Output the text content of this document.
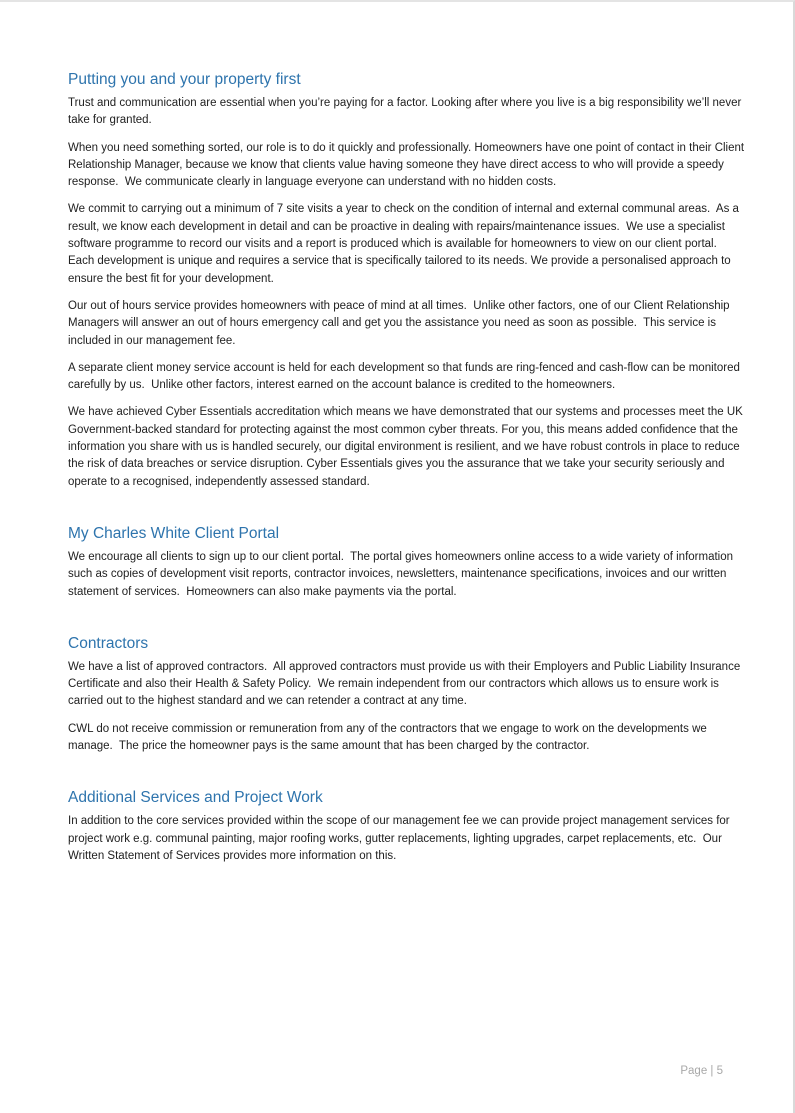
Putting you and your property first

Trust and communication are essential when you’re paying for a factor. Looking after where you live is a big responsibility we’ll never take for granted.

When you need something sorted, our role is to do it quickly and professionally. Homeowners have one point of contact in their Client Relationship Manager, because we know that clients value having someone they have direct access to who will provide a speedy response.  We communicate clearly in language everyone can understand with no hidden costs.

We commit to carrying out a minimum of 7 site visits a year to check on the condition of internal and external communal areas.  As a result, we know each development in detail and can be proactive in dealing with repairs/maintenance issues.  We use a specialist software programme to record our visits and a report is produced which is available for homeowners to view on our client portal.  Each development is unique and requires a service that is specifically tailored to its needs. We provide a personalised approach to ensure the best fit for your development.

Our out of hours service provides homeowners with peace of mind at all times.  Unlike other factors, one of our Client Relationship Managers will answer an out of hours emergency call and get you the assistance you need as soon as possible.  This service is included in our management fee.

A separate client money service account is held for each development so that funds are ring-fenced and cash-flow can be monitored carefully by us.  Unlike other factors, interest earned on the account balance is credited to the homeowners.

We have achieved Cyber Essentials accreditation which means we have demonstrated that our systems and processes meet the UK Government-backed standard for protecting against the most common cyber threats. For you, this means added confidence that the information you share with us is handled securely, our digital environment is resilient, and we have robust controls in place to reduce the risk of data breaches or service disruption. Cyber Essentials gives you the assurance that we take your security seriously and operate to a recognised, independently assessed standard.

My Charles White Client Portal

We encourage all clients to sign up to our client portal.  The portal gives homeowners online access to a wide variety of information such as copies of development visit reports, contractor invoices, newsletters, maintenance specifications, invoices and our written statement of services.  Homeowners can also make payments via the portal.

Contractors

We have a list of approved contractors.  All approved contractors must provide us with their Employers and Public Liability Insurance Certificate and also their Health & Safety Policy.  We remain independent from our contractors which allows us to ensure work is carried out to the highest standard and we can retender a contract at any time.

CWL do not receive commission or remuneration from any of the contractors that we engage to work on the developments we manage.  The price the homeowner pays is the same amount that has been charged by the contractor.

Additional Services and Project Work

In addition to the core services provided within the scope of our management fee we can provide project management services for project work e.g. communal painting, major roofing works, gutter replacements, lighting upgrades, carpet replacements, etc.  Our Written Statement of Services provides more information on this.

Page | 5
